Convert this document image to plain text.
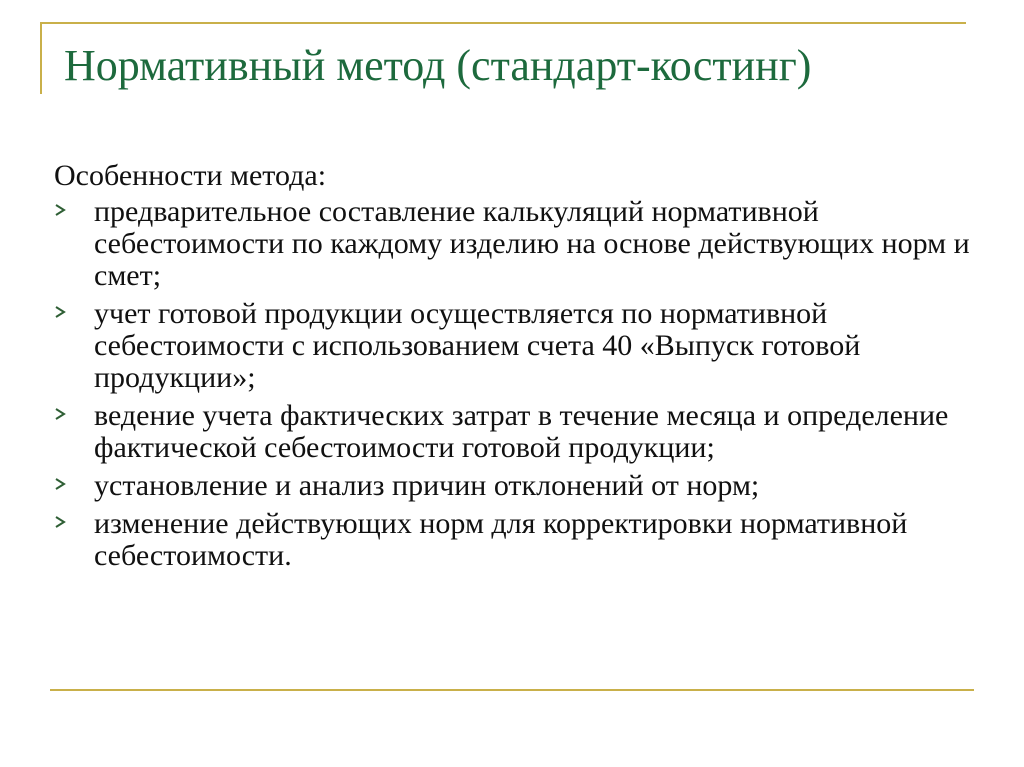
Нормативный метод (стандарт-костинг)

Особенности метода:

предварительное составление калькуляций нормативной себестоимости по каждому изделию на основе действующих норм и смет;
учет готовой продукции осуществляется по нормативной себестоимости с использованием счета 40 «Выпуск готовой продукции»;
ведение учета фактических затрат в течение месяца и определение фактической себестоимости готовой продукции;
установление и анализ причин отклонений от норм;
изменение действующих норм для корректировки нормативной себестоимости.
